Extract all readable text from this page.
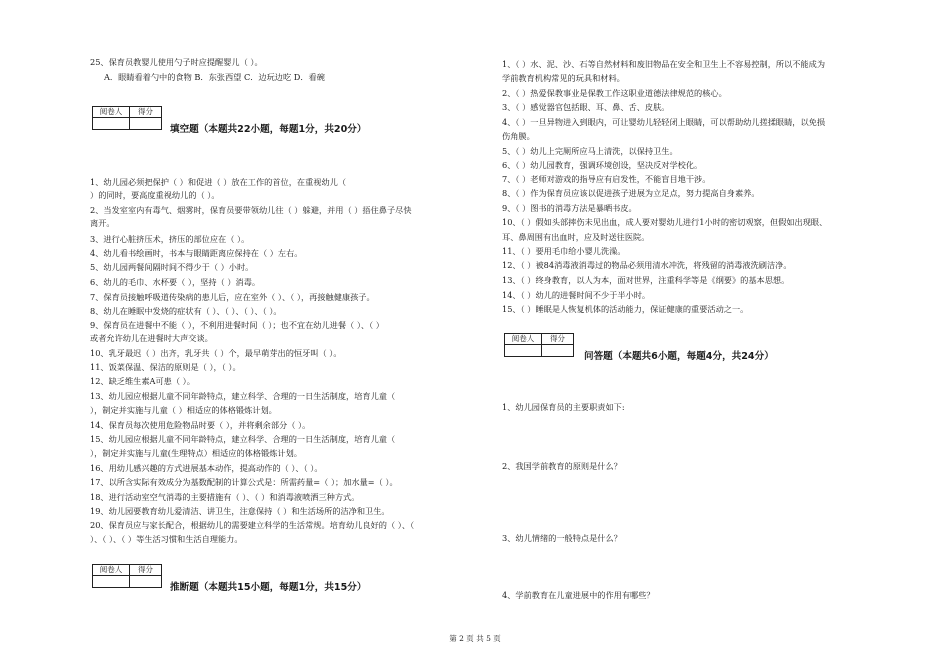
25、保育员教婴儿使用勺子时应提醒婴儿（ ）。
A．眼睛看着勺中的食物 B．东张西望 C．边玩边吃 D．看碗
阅卷人	得分
填空题（本题共22小题，每题1分，共20分）
1、幼儿园必须把保护（ ）和促进（ ）放在工作的首位，在重视幼儿（
）的同时，要高度重视幼儿的（ ）。
2、当发室室内有毒气、烟雾时，保育员要带领幼儿往（ ）躲避，并用（ ）捂住鼻子尽快
离开。
3、进行心脏挤压术，挤压的部位应在（ ）。
4、幼儿看书绘画时，书本与眼睛距离应保持在（ ）左右。
5、幼儿园两餐间隔时间不得少于（ ）小时。
6、幼儿的毛巾、水杯要（ ），坚持（ ）消毒。
7、保育员接触呼吸道传染病的患儿后，应在室外（ ）、（ ），再接触健康孩子。
8、幼儿在睡眠中发烧的症状有（ ）、（ ）、（ ）、（ ）。
9、保育员在进餐中不能（ ），不利用进餐时间（ ）；也不宜在幼儿进餐（ ）、（ ）
或者允许幼儿在进餐时大声交谈。
10、乳牙最迟（ ）出齐，乳牙共（ ）个，最早萌芽出的恒牙叫（ ）。
11、饭菜保温、保洁的原则是（ ），（ ）。
12、缺乏维生素A可患（ ）。
13、幼儿园应根据儿童不同年龄特点，建立科学、合理的一日生活制度，培育儿童（
），制定并实施与儿童（ ）相适应的体格锻炼计划。
14、保育员每次使用危险物品时要（ ），并将剩余部分（ ）。
15、幼儿园应根据儿童不同年龄特点，建立科学、合理的一日生活制度，培育儿童（
），制定并实施与儿童(生理特点）相适应的体格锻炼计划。
16、用幼儿感兴趣的方式进展基本动作，提高动作的（ ）、（ ）。
17、以所含实际有效成分为基数配制的计算公式是：所需药量=（ ）；加水量=（ ）。
18、进行活动室空气消毒的主要措施有（ ）、（ ）和消毒液喷洒三种方式。
19、幼儿园要教育幼儿爱清洁、讲卫生，注意保持（ ）和生活场所的洁净和卫生。
20、保育员应与家长配合，根据幼儿的需要建立科学的生活常规。培育幼儿良好的（ ）、（
）、（ ）、（ ）等生活习惯和生活自理能力。
阅卷人	得分
推断题（本题共15小题，每题1分，共15分）
1、（ ）水、泥、沙、石等自然材料和废旧物品在安全和卫生上不容易控制，所以不能成为
学前教育机构常见的玩具和材料。
2、（ ）热爱保教事业是保教工作这职业道德法律规范的核心。
3、（ ）感觉器官包括眼、耳、鼻、舌、皮肤。
4、（ ）一旦异物进入到眼内，可让婴幼儿轻轻闭上眼睛，可以帮助幼儿搓揉眼睛，以免损
伤角膜。
5、（ ）幼儿上完厕所应马上清洗，以保持卫生。
6、（ ）幼儿园教育，强调环境创设，坚决反对学校化。
7、（ ）老师对游戏的指导应有启发性，不能盲目地干涉。
8、（ ）作为保育员应该以促进孩子进展为立足点，努力提高自身素养。
9、（ ）图书的消毒方法是暴晒书皮。
10、（ ）假如头部摔伤未见出血，成人要对婴幼儿进行1小时的密切观察，但假如出现眼、
耳、鼻周围有出血时，应及时送往医院。
11、（ ）要用毛巾给小婴儿洗澡。
12、（ ）被84消毒液消毒过的物品必须用清水冲洗，将残留的消毒液洗刷洁净。
13、（ ）终身教育，以人为本，面对世界，注重科学等是《纲要》的基本思想。
14、（ ）幼儿的进餐时间不少于半小时。
15、（ ）睡眠是人恢复机体的活动能力，保证健康的重要活动之一。
阅卷人	得分
问答题（本题共6小题，每题4分，共24分）
1、幼儿园保育员的主要职责如下:
2、我国学前教育的原则是什么？
3、幼儿情绪的一般特点是什么？
4、学前教育在儿童进展中的作用有哪些？
第 2 页 共 5 页
